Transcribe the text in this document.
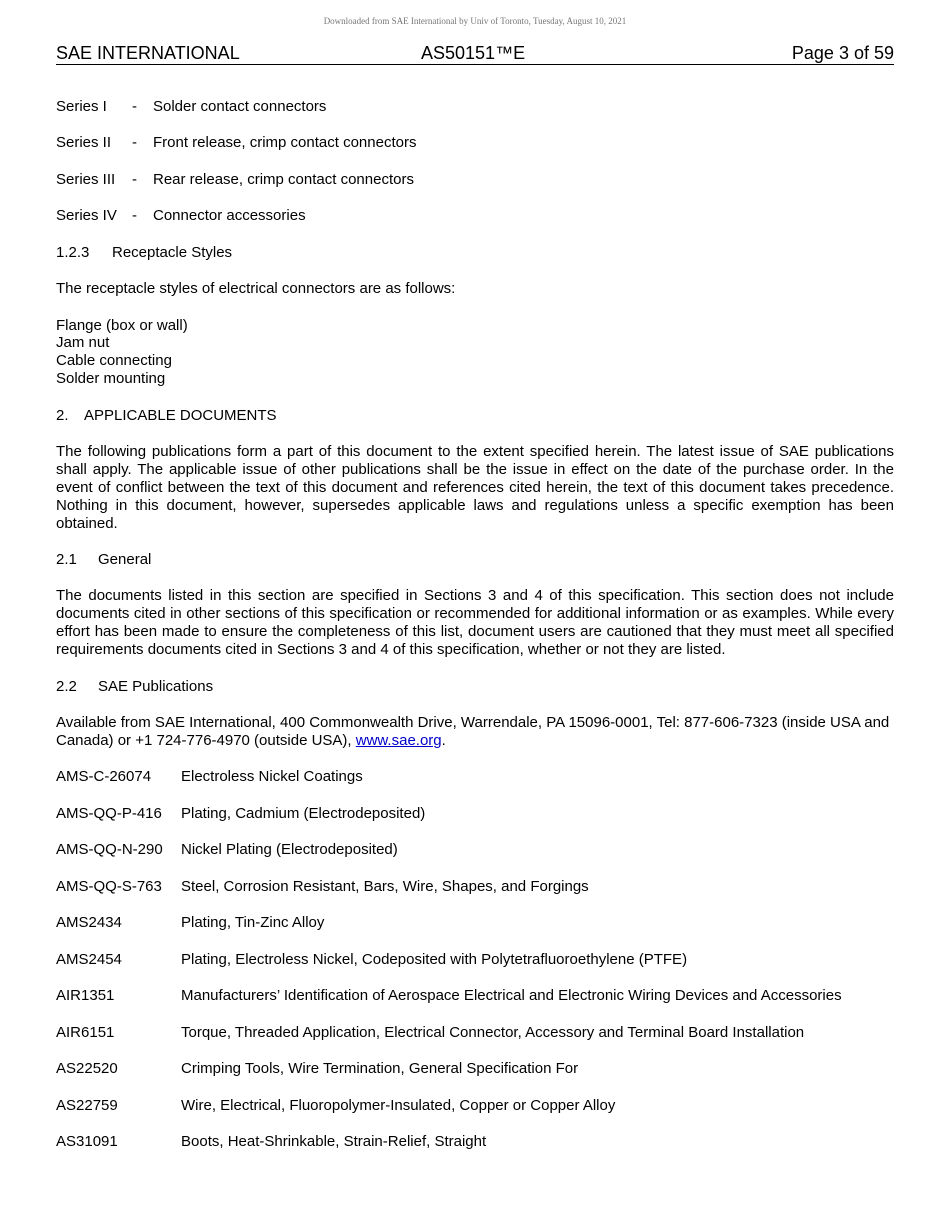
Downloaded from SAE International by Univ of Toronto, Tuesday, August 10, 2021
SAE INTERNATIONAL	AS50151™E	Page 3 of 59
Series I - Solder contact connectors
Series II - Front release, crimp contact connectors
Series III - Rear release, crimp contact connectors
Series IV - Connector accessories
1.2.3 Receptacle Styles
The receptacle styles of electrical connectors are as follows:
Flange (box or wall)
Jam nut
Cable connecting
Solder mounting
2. APPLICABLE DOCUMENTS
The following publications form a part of this document to the extent specified herein. The latest issue of SAE publications shall apply. The applicable issue of other publications shall be the issue in effect on the date of the purchase order. In the event of conflict between the text of this document and references cited herein, the text of this document takes precedence. Nothing in this document, however, supersedes applicable laws and regulations unless a specific exemption has been obtained.
2.1 General
The documents listed in this section are specified in Sections 3 and 4 of this specification. This section does not include documents cited in other sections of this specification or recommended for additional information or as examples. While every effort has been made to ensure the completeness of this list, document users are cautioned that they must meet all specified requirements documents cited in Sections 3 and 4 of this specification, whether or not they are listed.
2.2 SAE Publications
Available from SAE International, 400 Commonwealth Drive, Warrendale, PA 15096-0001, Tel: 877-606-7323 (inside USA and Canada) or +1 724-776-4970 (outside USA), www.sae.org.
AMS-C-26074 Electroless Nickel Coatings
AMS-QQ-P-416 Plating, Cadmium (Electrodeposited)
AMS-QQ-N-290 Nickel Plating (Electrodeposited)
AMS-QQ-S-763 Steel, Corrosion Resistant, Bars, Wire, Shapes, and Forgings
AMS2434	Plating, Tin-Zinc Alloy
AMS2454	Plating, Electroless Nickel, Codeposited with Polytetrafluoroethylene (PTFE)
AIR1351	Manufacturers’ Identification of Aerospace Electrical and Electronic Wiring Devices and Accessories
AIR6151	Torque, Threaded Application, Electrical Connector, Accessory and Terminal Board Installation
AS22520	Crimping Tools, Wire Termination, General Specification For
AS22759	Wire, Electrical, Fluoropolymer-Insulated, Copper or Copper Alloy
AS31091	Boots, Heat-Shrinkable, Strain-Relief, Straight
